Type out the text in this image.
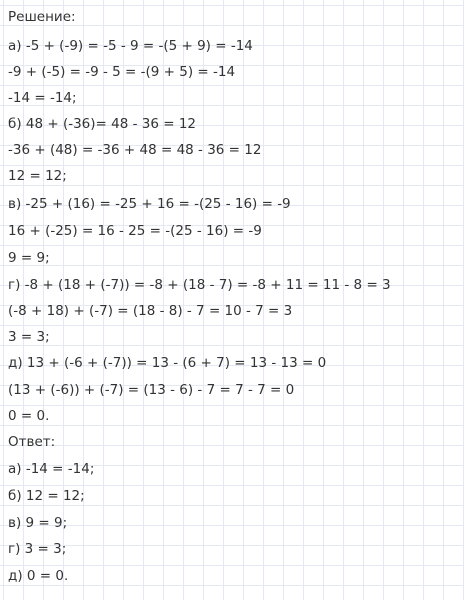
Решение:
а) -5 + (-9) = -5 - 9 = -(5 + 9) = -14
-9 + (-5) = -9 - 5 = -(9 + 5) = -14
-14 = -14;
б) 48 + (-36)= 48 - 36 = 12
-36 + (48) = -36 + 48 = 48 - 36 = 12
12 = 12;
в) -25 + (16) = -25 + 16 = -(25 - 16) = -9
16 + (-25) = 16 - 25 = -(25 - 16) = -9
9 = 9;
г) -8 + (18 + (-7)) = -8 + (18 - 7) = -8 + 11 = 11 - 8 = 3
(-8 + 18) + (-7) = (18 - 8) - 7 = 10 - 7 = 3
3 = 3;
д) 13 + (-6 + (-7)) = 13 - (6 + 7) = 13 - 13 = 0
(13 + (-6)) + (-7) = (13 - 6) - 7 = 7 - 7 = 0
0 = 0.
Ответ:
а) -14 = -14;
б) 12 = 12;
в) 9 = 9;
г) 3 = 3;
д) 0 = 0.
